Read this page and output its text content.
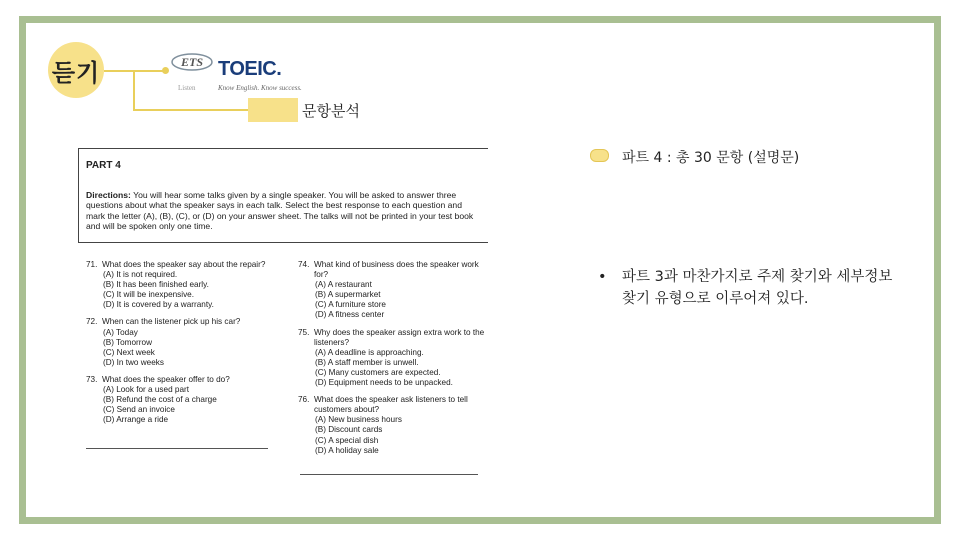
듣기
문항분석
ETS
Listen
TOEIC.
Know English. Know success.
PART 4
Directions: You will hear some talks given by a single speaker. You will be asked to answer three questions about what the speaker says in each talk. Select the best response to each question and mark the letter (A), (B), (C), or (D) on your answer sheet. The talks will not be printed in your test book and will be spoken only one time.
71. What does the speaker say about the repair?
(A) It is not required.
(B) It has been finished early.
(C) It will be inexpensive.
(D) It is covered by a warranty.
72. When can the listener pick up his car?
(A) Today
(B) Tomorrow
(C) Next week
(D) In two weeks
73. What does the speaker offer to do?
(A) Look for a used part
(B) Refund the cost of a charge
(C) Send an invoice
(D) Arrange a ride
74. What kind of business does the speaker work for?
(A) A restaurant
(B) A supermarket
(C) A furniture store
(D) A fitness center
75. Why does the speaker assign extra work to the listeners?
(A) A deadline is approaching.
(B) A staff member is unwell.
(C) Many customers are expected.
(D) Equipment needs to be unpacked.
76. What does the speaker ask listeners to tell customers about?
(A) New business hours
(B) Discount cards
(C) A special dish
(D) A holiday sale
파트 4 : 총 30 문항 (설명문)
• 파트 3과 마찬가지로 주제 찾기와 세부정보 찾기 유형으로 이루어져 있다.
